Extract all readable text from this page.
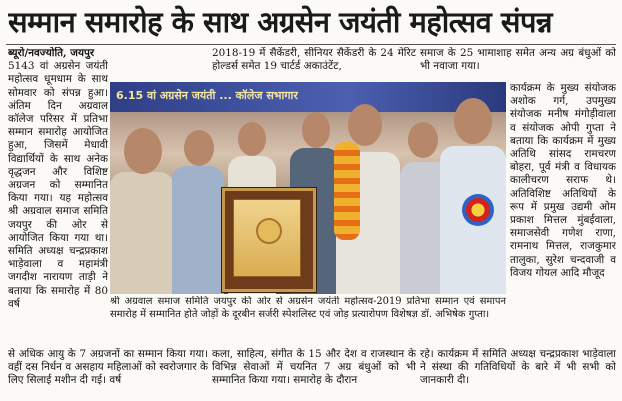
सम्मान समारोह के साथ अग्रसेन जयंती महोत्सव संपन्न

ब्यूरो/नवज्योति, जयपुर

5143 वां अग्रसेन जयंती महोत्सव धूमधाम के साथ सोमवार को संपन्न हुआ। अंतिम दिन अग्रवाल कॉलेज परिसर में प्रतिभा सम्मान समारोह आयोजित हुआ, जिसमें मेधावी विद्यार्थियों के साथ अनेक वृद्धजन और विशिष्ट अग्रजन को सम्मानित किया गया। यह महोत्सव श्री अग्रवाल समाज समिति जयपुर की ओर से आयोजित किया गया था। समिति अध्यक्ष चन्द्रप्रकाश भाड़ेवाला व महामंत्री जगदीश नारायण ताड़ी ने बताया कि समारोह में 80 वर्ष

2018-19 में सैकेंडरी, सीनियर सैकेंडरी के 24 मेरिट होल्डर्स समेत 19 चार्टर्ड अकाउंटेंट,

समाज के 25 भामाशाह समेत अन्य अग्र बंधुओं को भी नवाजा गया।

कार्यक्रम के मुख्य संयोजक अशोक गर्ग, उपमुख्य संयोजक मनीष मंगोड़ीवाला व संयोजक ओपी गुप्ता ने बताया कि कार्यक्रम में मुख्य अतिथि सांसद रामचरण बोहरा, पूर्व मंत्री व विधायक कालीचरण सराफ थे। अतिविशिष्ट अतिथियों के रूप में प्रमुख उद्यमी ओम प्रकाश मित्तल मुंबईवाला, समाजसेवी गणेश राणा, रामनाथ मित्तल, राजकुमार तालुका, सुरेश चन्दवाजी व विजय गोयल आदि मौजूद

6.15 वां अग्रसेन जयंती ... कॉलेज सभागार
श्री अग्रवाल समाज समिति जयपुर की ओर से अग्रसेन जयंती महोत्सव-2019 प्रतिभा सम्मान एवं समापन समारोह में सम्मानित होते जोड़ों के दूरबीन सर्जरी स्पेशलिस्ट एवं जोड़ प्रत्यारोपण विशेषज्ञ डॉ. अभिषेक गुप्ता।

से अधिक आयु के 7 अग्रजनों का सम्मान किया गया। वहीं दस निर्धन व असहाय महिलाओं को स्वरोजगार के लिए सिलाई मशीन दी गई। वर्ष

कला, साहित्य, संगीत के 15 और देश व राजस्थान के विभिन्न सेवाओं में चयनित 7 अग्र बंधुओं को भी सम्मानित किया गया। समारोह के दौरान

रहे। कार्यक्रम में समिति अध्यक्ष चन्द्रप्रकाश भाड़ेवाला ने संस्था की गतिविधियों के बारे में भी सभी को जानकारी दी।
